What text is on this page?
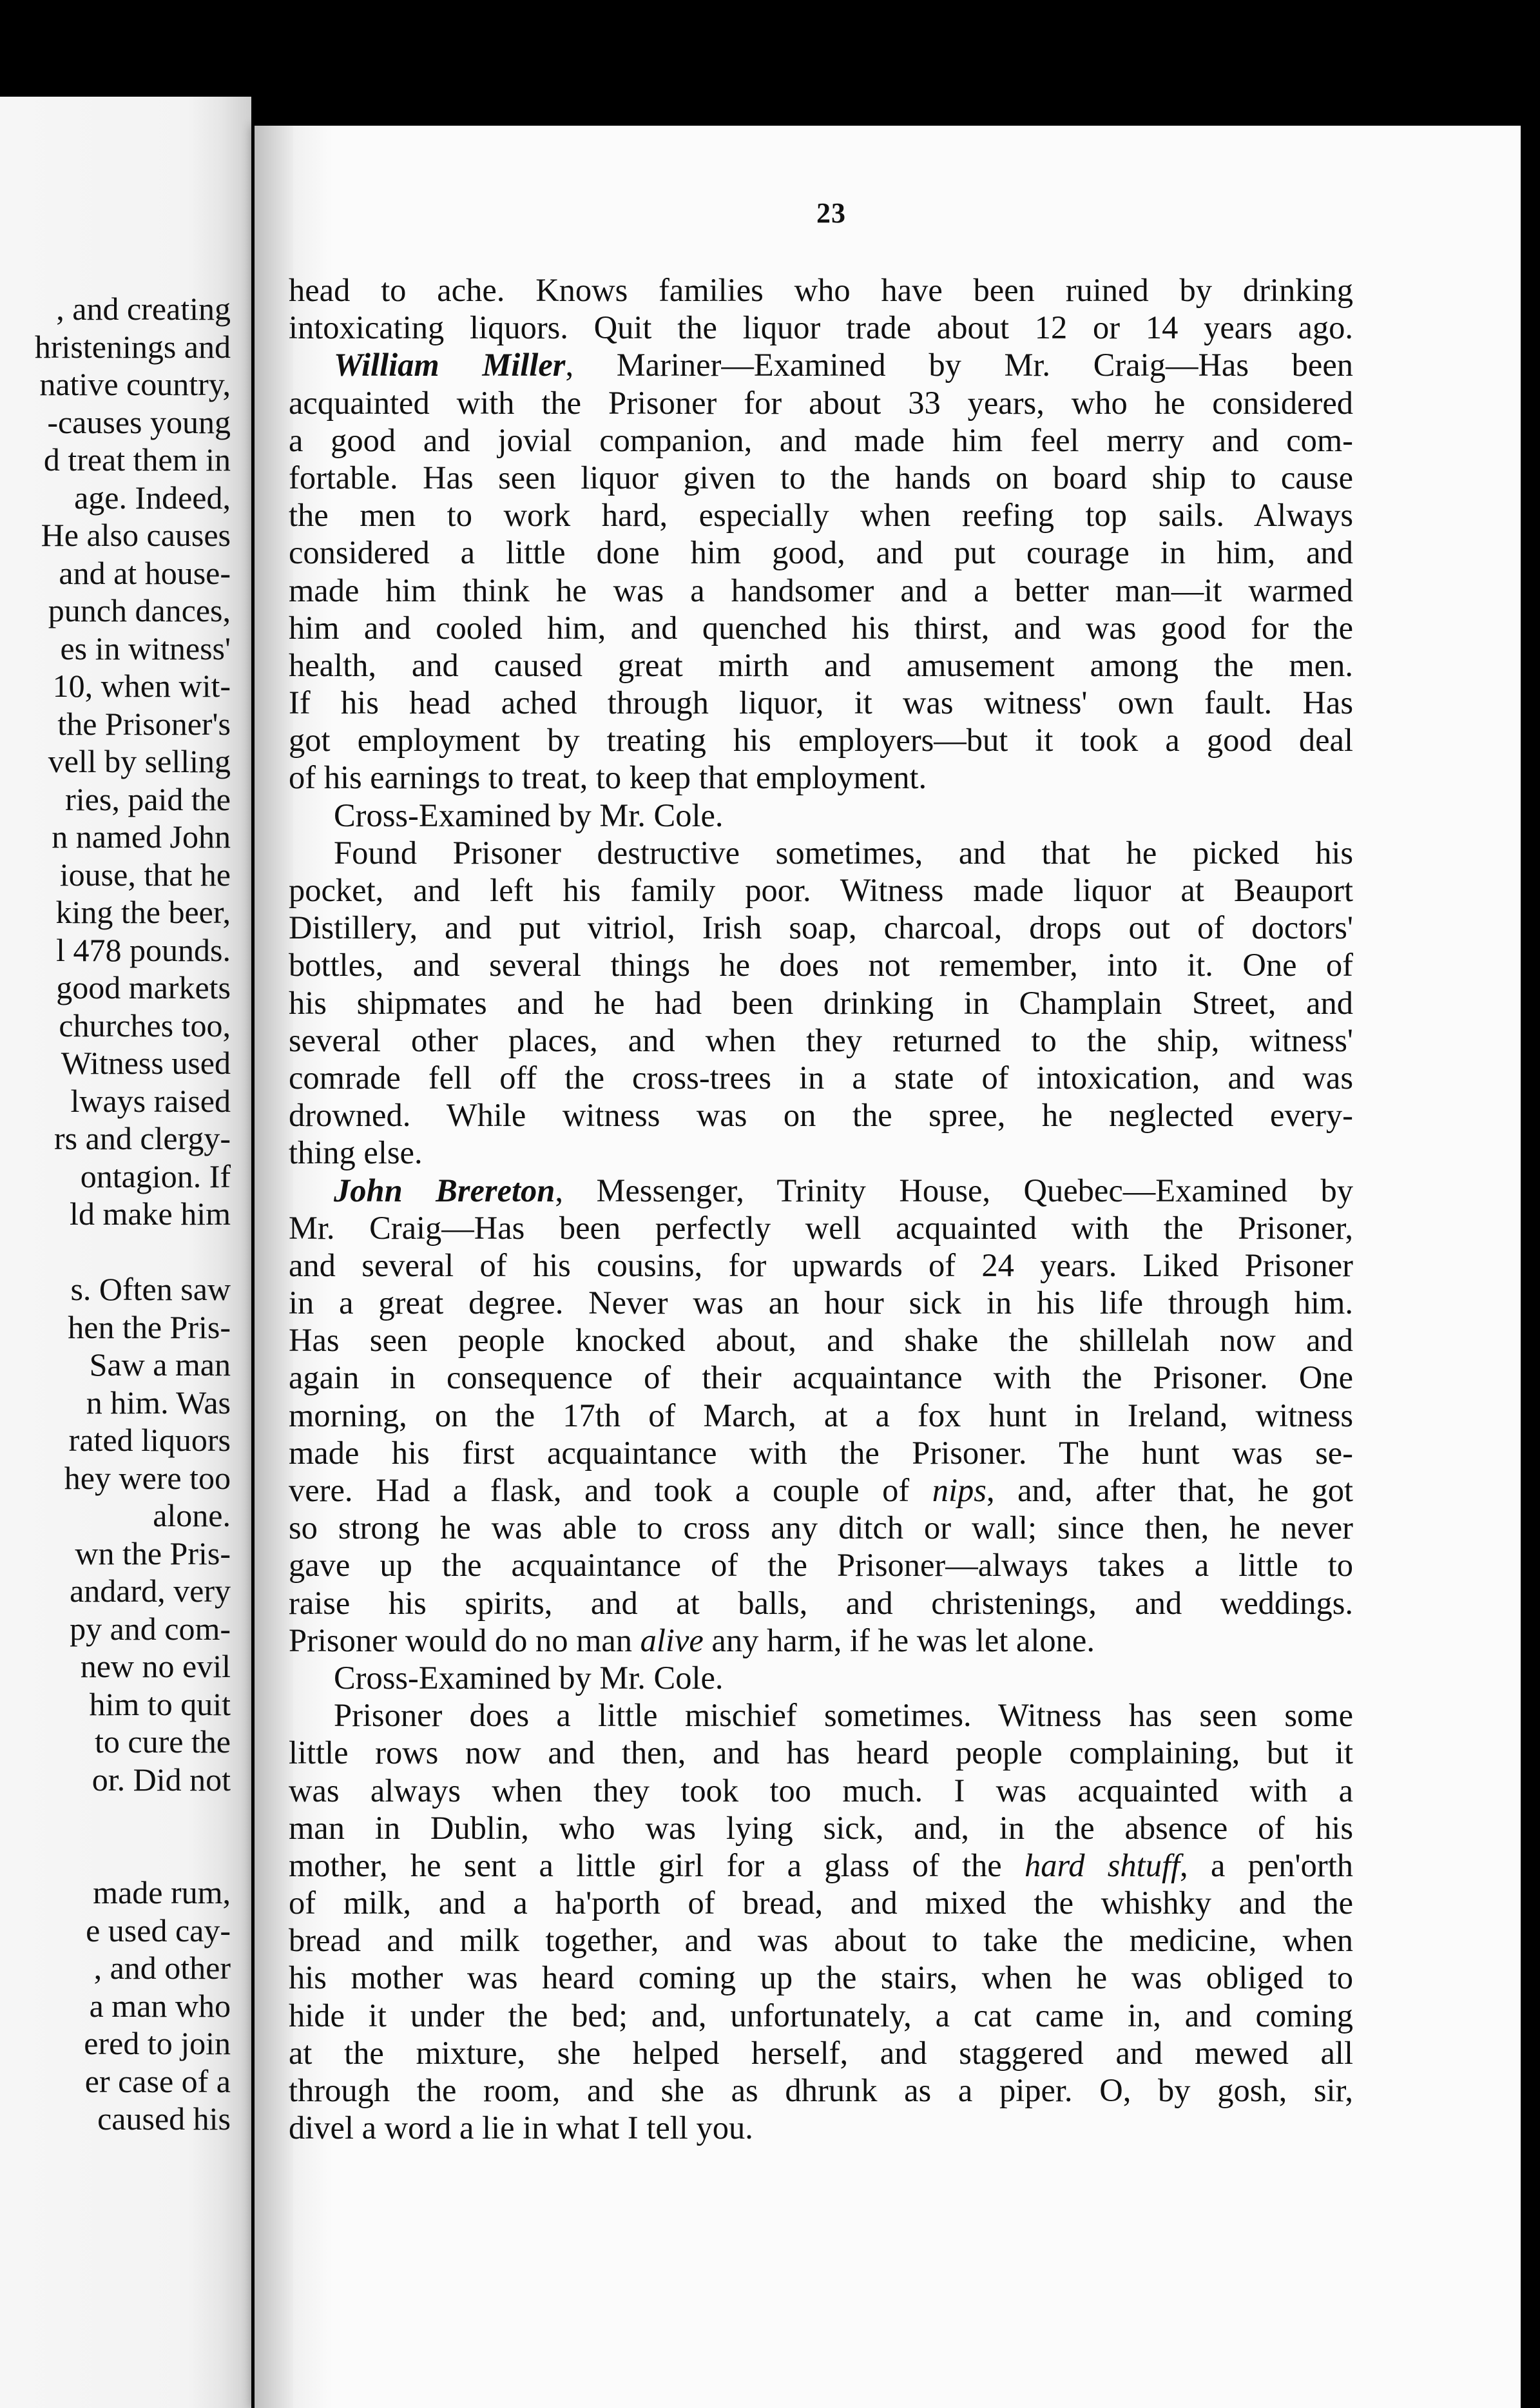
, and creating
hristenings and
native country,
-causes young
d treat them in
age. Indeed,
He also causes
and at house-
punch dances,
es in witness'
10, when wit-
the Prisoner's
vell by selling
ries, paid the
n named John
iouse, that he
king the beer,
l 478 pounds.
good markets
churches too,
Witness used
lways raised
rs and clergy-
ontagion. If
ld make him
s. Often saw
hen the Pris-
Saw a man
n him. Was
rated liquors
hey were too
alone.
wn the Pris-
andard, very
py and com-
new no evil
him to quit
to cure the
or. Did not
made rum,
e used cay-
, and other
a man who
ered to join
er case of a
caused his
23
head to ache. Knows families who have been ruined by drinking
intoxicating liquors. Quit the liquor trade about 12 or 14 years ago.
William Miller, Mariner—Examined by Mr. Craig—Has been
acquainted with the Prisoner for about 33 years, who he considered
a good and jovial companion, and made him feel merry and com-
fortable. Has seen liquor given to the hands on board ship to cause
the men to work hard, especially when reefing top sails. Always
considered a little done him good, and put courage in him, and
made him think he was a handsomer and a better man—it warmed
him and cooled him, and quenched his thirst, and was good for the
health, and caused great mirth and amusement among the men.
If his head ached through liquor, it was witness' own fault. Has
got employment by treating his employers—but it took a good deal
of his earnings to treat, to keep that employment.
Cross-Examined by Mr. Cole.
Found Prisoner destructive sometimes, and that he picked his
pocket, and left his family poor. Witness made liquor at Beauport
Distillery, and put vitriol, Irish soap, charcoal, drops out of doctors'
bottles, and several things he does not remember, into it. One of
his shipmates and he had been drinking in Champlain Street, and
several other places, and when they returned to the ship, witness'
comrade fell off the cross-trees in a state of intoxication, and was
drowned. While witness was on the spree, he neglected every-
thing else.
John Brereton, Messenger, Trinity House, Quebec—Examined by
Mr. Craig—Has been perfectly well acquainted with the Prisoner,
and several of his cousins, for upwards of 24 years. Liked Prisoner
in a great degree. Never was an hour sick in his life through him.
Has seen people knocked about, and shake the shillelah now and
again in consequence of their acquaintance with the Prisoner. One
morning, on the 17th of March, at a fox hunt in Ireland, witness
made his first acquaintance with the Prisoner. The hunt was se-
vere. Had a flask, and took a couple of nips, and, after that, he got
so strong he was able to cross any ditch or wall; since then, he never
gave up the acquaintance of the Prisoner—always takes a little to
raise his spirits, and at balls, and christenings, and weddings.
Prisoner would do no man alive any harm, if he was let alone.
Cross-Examined by Mr. Cole.
Prisoner does a little mischief sometimes. Witness has seen some
little rows now and then, and has heard people complaining, but it
was always when they took too much. I was acquainted with a
man in Dublin, who was lying sick, and, in the absence of his
mother, he sent a little girl for a glass of the hard shtuff, a pen'orth
of milk, and a ha'porth of bread, and mixed the whishky and the
bread and milk together, and was about to take the medicine, when
his mother was heard coming up the stairs, when he was obliged to
hide it under the bed; and, unfortunately, a cat came in, and coming
at the mixture, she helped herself, and staggered and mewed all
through the room, and she as dhrunk as a piper. O, by gosh, sir,
divel a word a lie in what I tell you.
